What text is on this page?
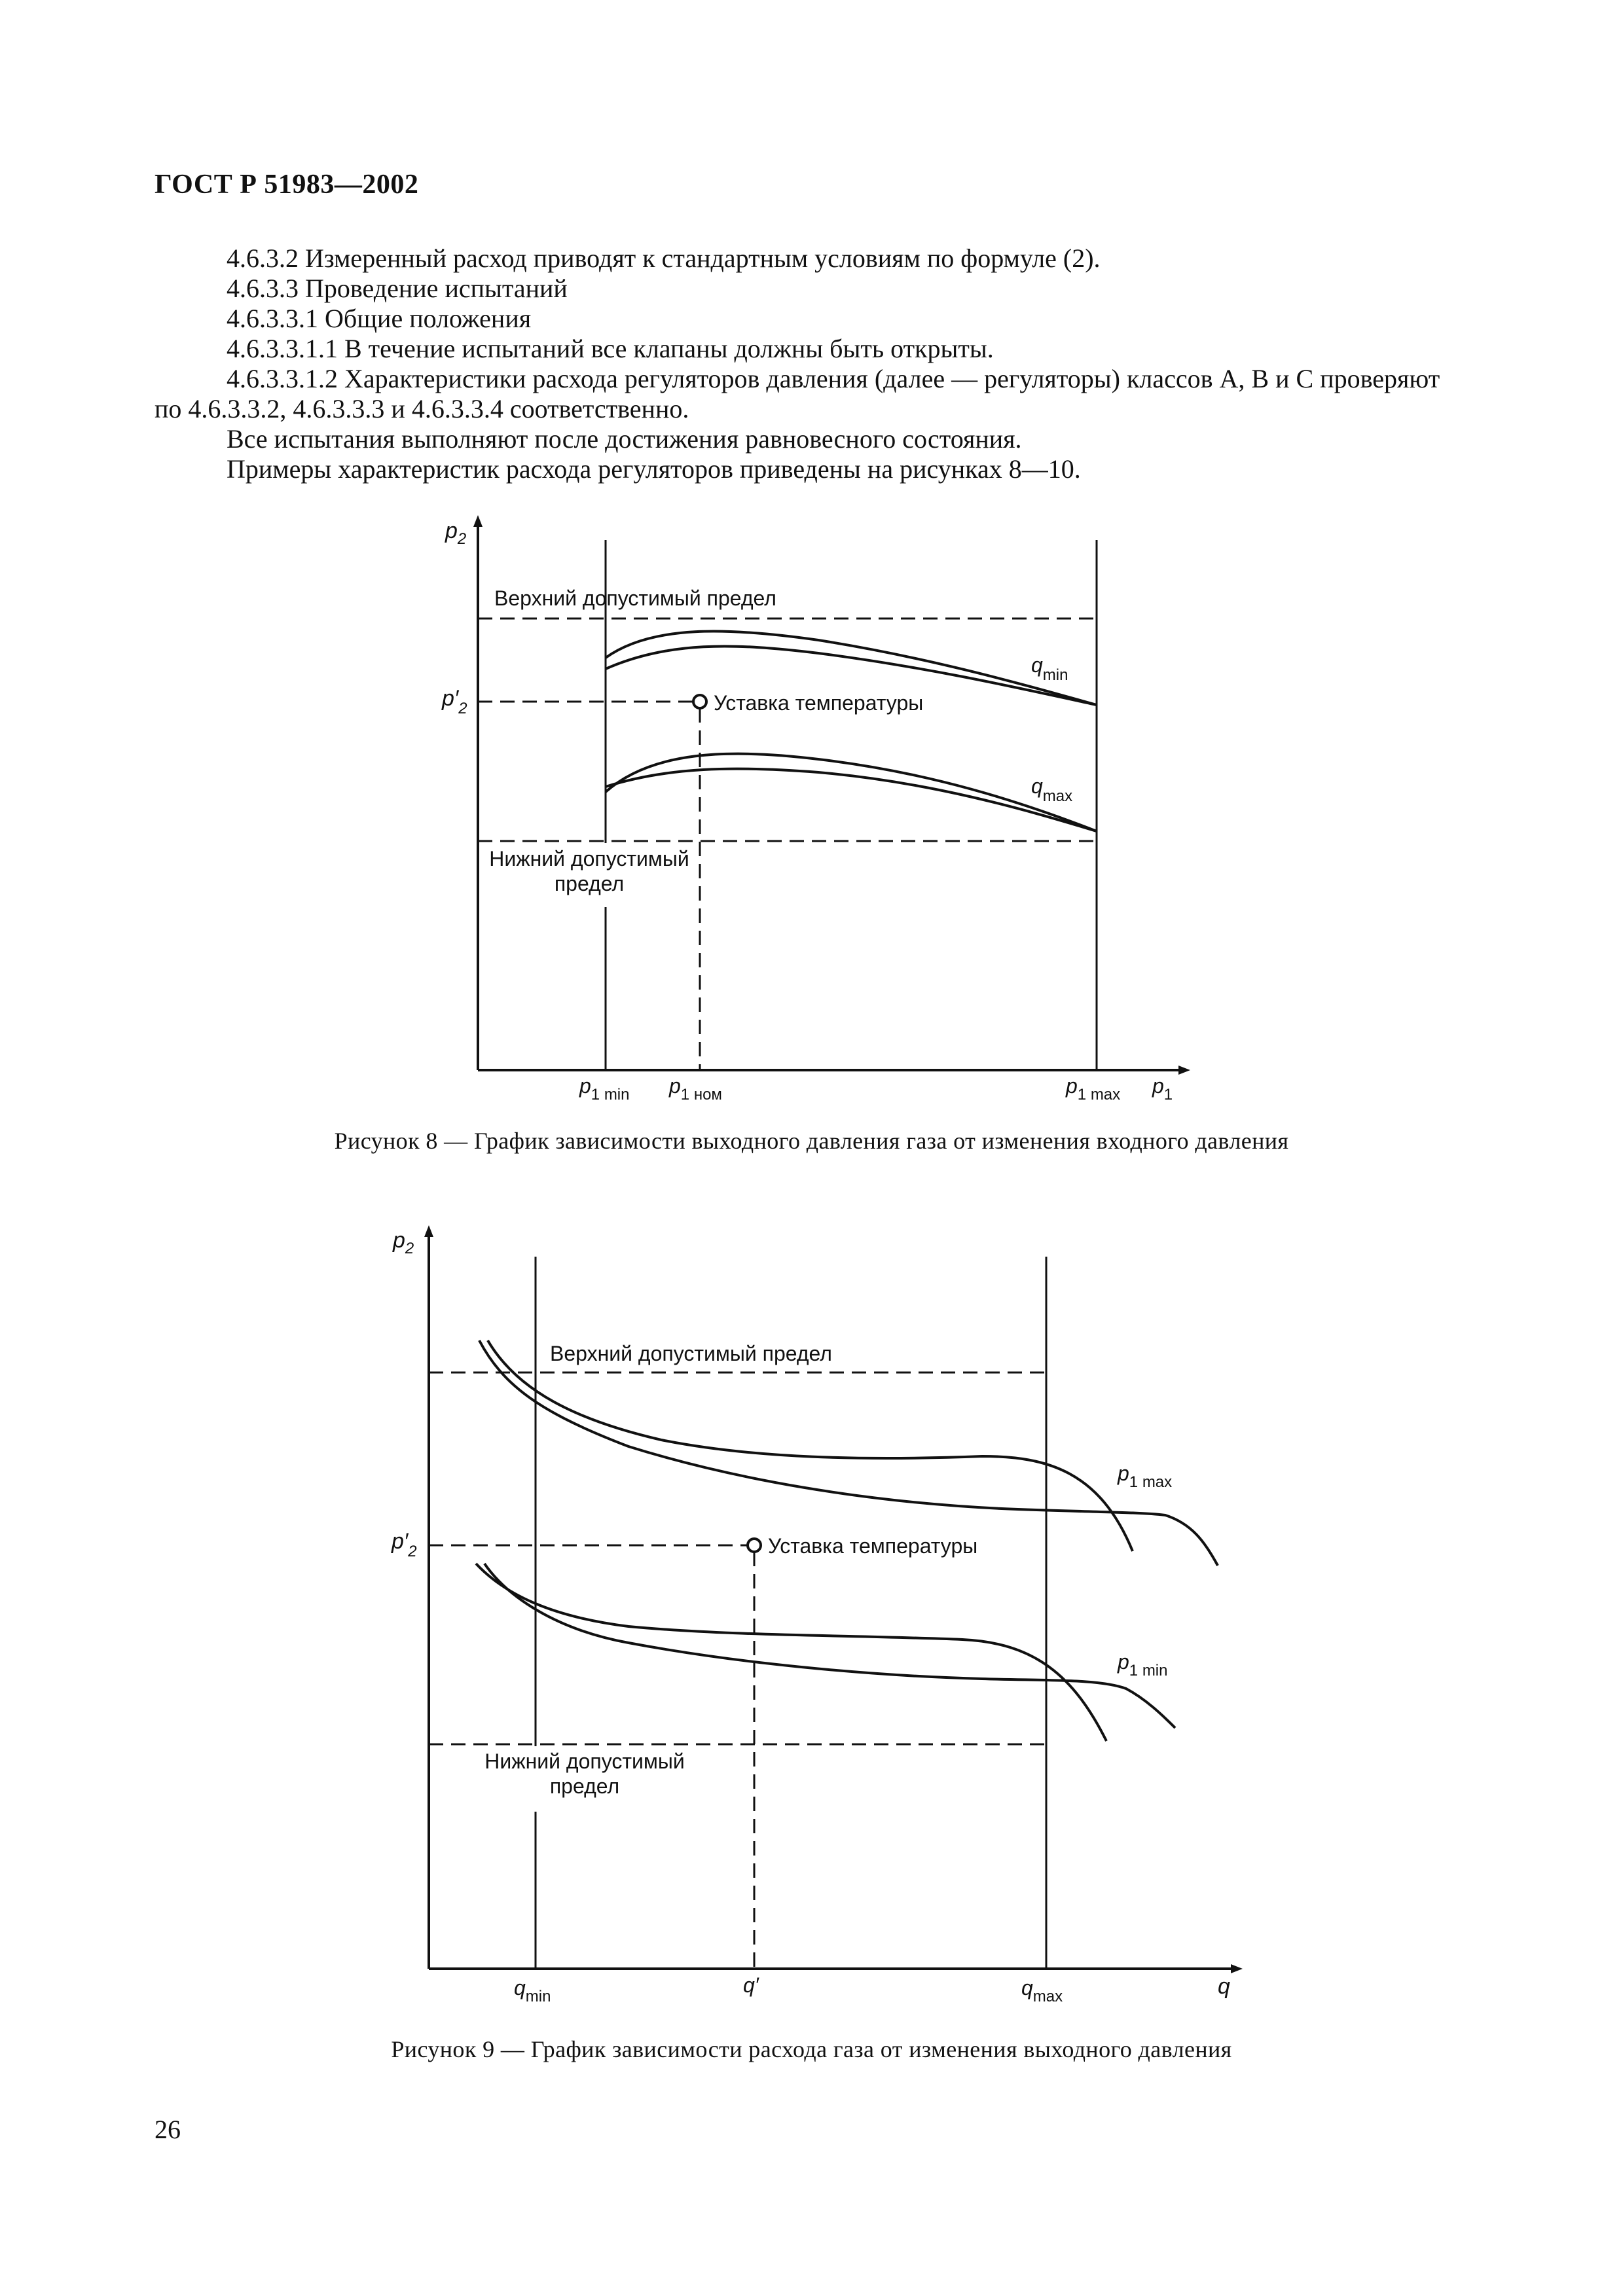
ГОСТ Р 51983—2002

4.6.3.2 Измеренный расход приводят к стандартным условиям по формуле (2).

4.6.3.3 Проведение испытаний

4.6.3.3.1 Общие положения

4.6.3.3.1.1 В течение испытаний все клапаны должны быть открыты.

4.6.3.3.1.2 Характеристики расхода регуляторов давления (далее — регуляторы) классов А, В и С проверяют по 4.6.3.3.2, 4.6.3.3.3 и 4.6.3.3.4 соответственно.

Все испытания выполняют после достижения равновесного состояния.

Примеры характеристик расхода регуляторов приведены на рисунках 8—10.

$p_2$
$p'_2$
Верхний допустимый предел
Уставка температуры
Нижний допустимый предел
$q_{min}$
$q_{max}$
$p_{1 min}$ $p_{1 ном}$	$p_{1 max}$ $p_1$
Рисунок 8 — График зависимости выходного давления газа от изменения входного давления
$p_2$
$p'_2$
Верхний допустимый предел
Уставка температуры
Нижний допустимый предел
$p_{1 max}$
$p_{1 min}$
$q_{min}$	q′	$q_{max}$	q
Рисунок 9 — График зависимости расхода газа от изменения выходного давления
26
